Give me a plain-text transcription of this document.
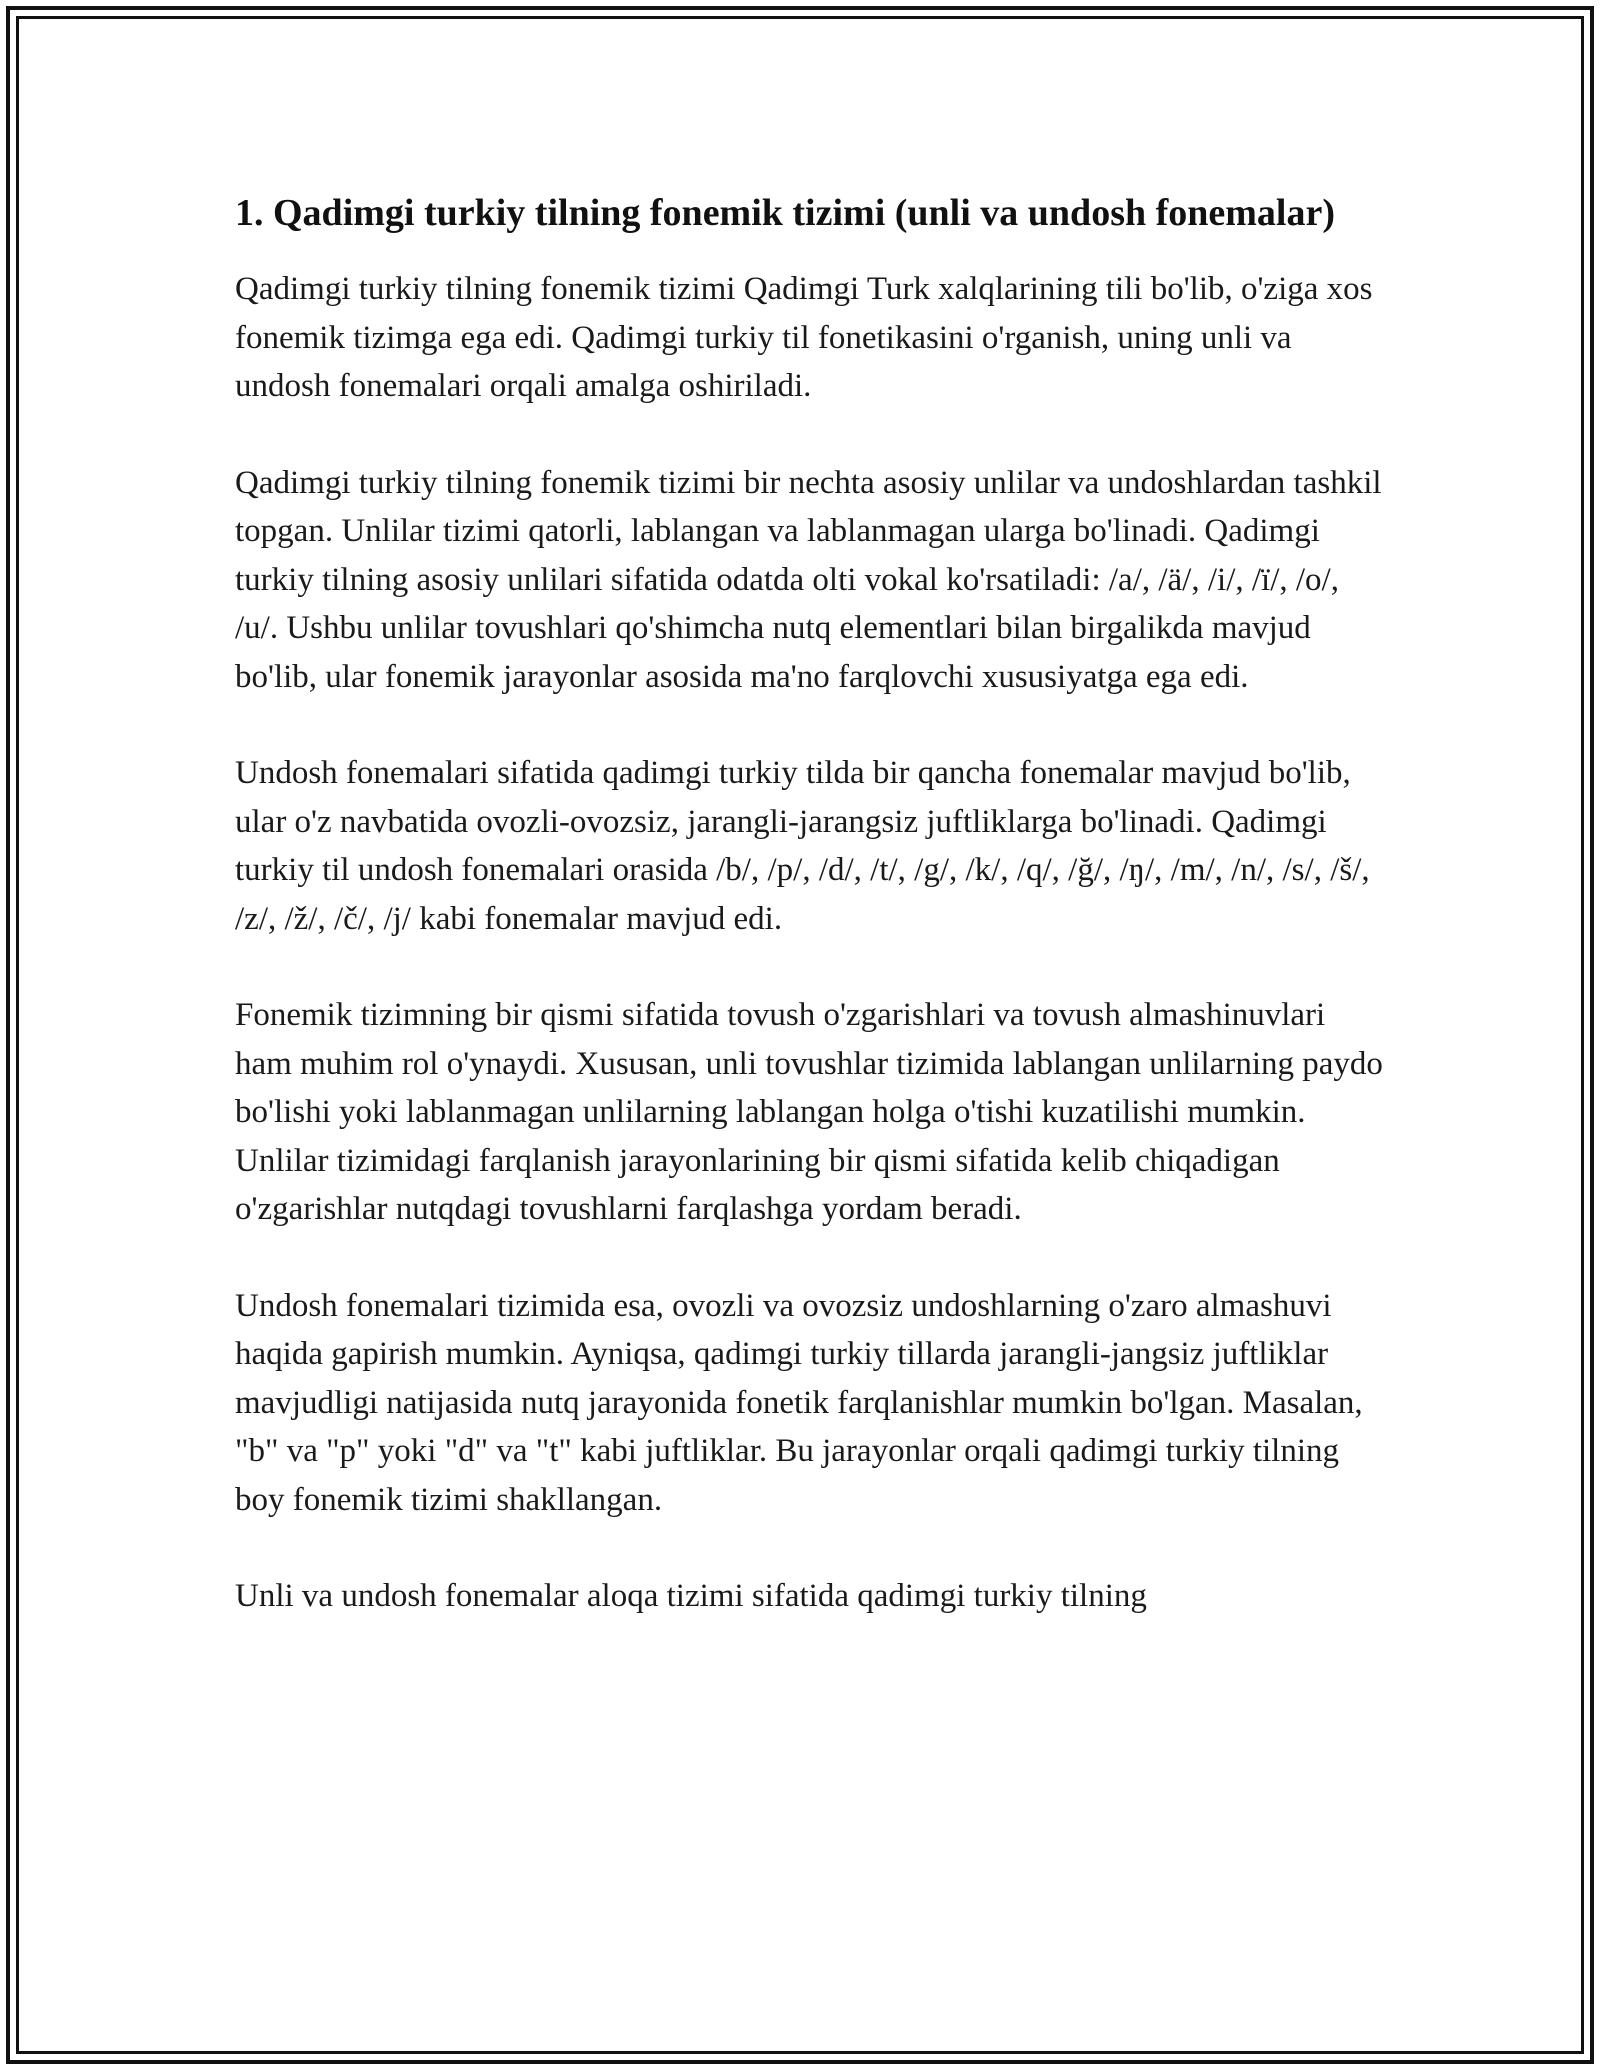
1. Qadimgi turkiy tilning fonemik tizimi (unli va undosh fonemalar)

Qadimgi turkiy tilning fonemik tizimi Qadimgi Turk xalqlarining tili bo'lib, o'ziga xos fonemik tizimga ega edi. Qadimgi turkiy til fonetikasini o'rganish, uning unli va undosh fonemalari orqali amalga oshiriladi.

Qadimgi turkiy tilning fonemik tizimi bir nechta asosiy unlilar va undoshlardan tashkil topgan. Unlilar tizimi qatorli, lablangan va lablanmagan ularga bo'linadi. Qadimgi turkiy tilning asosiy unlilari sifatida odatda olti vokal ko'rsatiladi: /a/, /ä/, /i/, /ï/, /o/, /u/. Ushbu unlilar tovushlari qo'shimcha nutq elementlari bilan birgalikda mavjud bo'lib, ular fonemik jarayonlar asosida ma'no farqlovchi xususiyatga ega edi.

Undosh fonemalari sifatida qadimgi turkiy tilda bir qancha fonemalar mavjud bo'lib, ular o'z navbatida ovozli-ovozsiz, jarangli-jarangsiz juftliklarga bo'linadi. Qadimgi turkiy til undosh fonemalari orasida /b/, /p/, /d/, /t/, /g/, /k/, /q/, /ğ/, /ŋ/, /m/, /n/, /s/, /š/, /z/, /ž/, /č/, /j/ kabi fonemalar mavjud edi.

Fonemik tizimning bir qismi sifatida tovush o'zgarishlari va tovush almashinuvlari ham muhim rol o'ynaydi. Xususan, unli tovushlar tizimida lablangan unlilarning paydo bo'lishi yoki lablanmagan unlilarning lablangan holga o'tishi kuzatilishi mumkin. Unlilar tizimidagi farqlanish jarayonlarining bir qismi sifatida kelib chiqadigan o'zgarishlar nutqdagi tovushlarni farqlashga yordam beradi.

Undosh fonemalari tizimida esa, ovozli va ovozsiz undoshlarning o'zaro almashuvi haqida gapirish mumkin. Ayniqsa, qadimgi turkiy tillarda jarangli-jangsiz juftliklar mavjudligi natijasida nutq jarayonida fonetik farqlanishlar mumkin bo'lgan. Masalan, "b" va "p" yoki "d" va "t" kabi juftliklar. Bu jarayonlar orqali qadimgi turkiy tilning boy fonemik tizimi shakllangan.

Unli va undosh fonemalar aloqa tizimi sifatida qadimgi turkiy tilning
